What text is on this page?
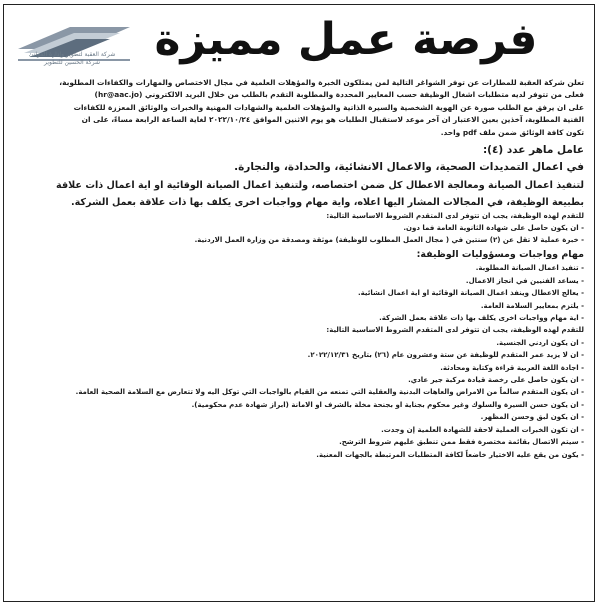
شركة العقبة لتطوير وإدارة الموانئ
شركة الحسين للتطوير	فرصة عمل مميزة

تعلن شركة العقبة للمطارات عن توفر الشواغر التالية لمن يمتلكون الخبرة والمؤهلات العلمية في مجال الاختصاص والمهارات والكفاءات المطلوبة،
فعلى من تتوفر لديه متطلبات اشغال الوظيفة حسب المعايير المحددة والمطلوبة التقدم بالطلب من خلال البريد الالكتروني (hr@aac.jo)
على ان يرفق مع الطلب صورة عن الهوية الشخصية والسيرة الذاتية والمؤهلات العلمية والشهادات المهنية والخبرات والوثائق المعززة للكفاءات
الفنية المطلوبة، آخذين بعين الاعتبار ان آخر موعد لاستقبال الطلبات هو يوم الاثنين الموافق ٢٠٢٢/١٠/٢٤ لغاية الساعة الرابعة مساءً، على ان
تكون كافة الوثائق ضمن ملف pdf واحد.

عامل ماهر عدد (٤):
في اعمال التمديدات الصحية، والاعمال الانشائية، والحدادة، والنجارة.

لتنفيذ اعمال الصيانة ومعالجة الاعطال كل ضمن اختصاصه، ولتنفيذ اعمال الصيانة الوقائية او اية اعمال ذات علاقة
بطبيعة الوظيفة، في المجالات المشار اليها اعلاه، واية مهام وواجبات اخرى يكلف بها ذات علاقة بعمل الشركة.

للتقدم لهذه الوظيفة، يجب ان تتوفر لدى المتقدم الشروط الاساسية التالية:
- ان يكون حاصل على شهادة الثانوية العامة فما دون.
- خبرة عملية لا تقل عن (٢) سنتين في ( مجال العمل المطلوب للوظيفة) موثقة ومصدقة من وزارة العمل الاردنية.

مهام وواجبات ومسؤوليات الوظيفة:
- تنفيذ اعمال الصيانة المطلوبة.
- يساعد الفنيين في انجاز الاعمال.
- يعالج الاعطال وينفذ اعمال الصيانة الوقائية او اية اعمال انشائية.
- يلتزم بمعايير السلامة العامة.
- اية مهام وواجبات اخرى يكلف بها ذات علاقة بعمل الشركة.
للتقدم لهذه الوظيفة، يجب ان تتوفر لدى المتقدم الشروط الاساسية التالية:
- ان يكون اردني الجنسية.
- ان لا يزيد عمر المتقدم للوظيفة عن ستة وعشرون عام (٢٦) بتاريخ ٢٠٢٢/١٢/٣١.
- اجادة اللغة العربية قراءة وكتابة ومحادثة.
- ان يكون حاصل على رخصة قيادة مركبة جير عادي.
- ان يكون المتقدم سالماً من الامراض والعاهات البدنية والعقلية التي تمنعه من القيام بالواجبات التي توكل اليه ولا تتعارض مع السلامة الصحية العامة.
- ان يكون حسن السيرة والسلوك وغير محكوم بجناية او بجنحة مخلة بالشرف او الامانة (ابراز شهادة عدم محكومية).
- ان يكون لبق وحسن المظهر.
- ان تكون الخبرات العملية لاحقة للشهادة العلمية إن وجدت.
- سيتم الاتصال بقائمة مختصرة فقط ممن تنطبق عليهم شروط الترشح.
- يكون من يقع عليه الاختيار خاضعاً لكافة المتطلبات المرتبطة بالجهات المعنية.
